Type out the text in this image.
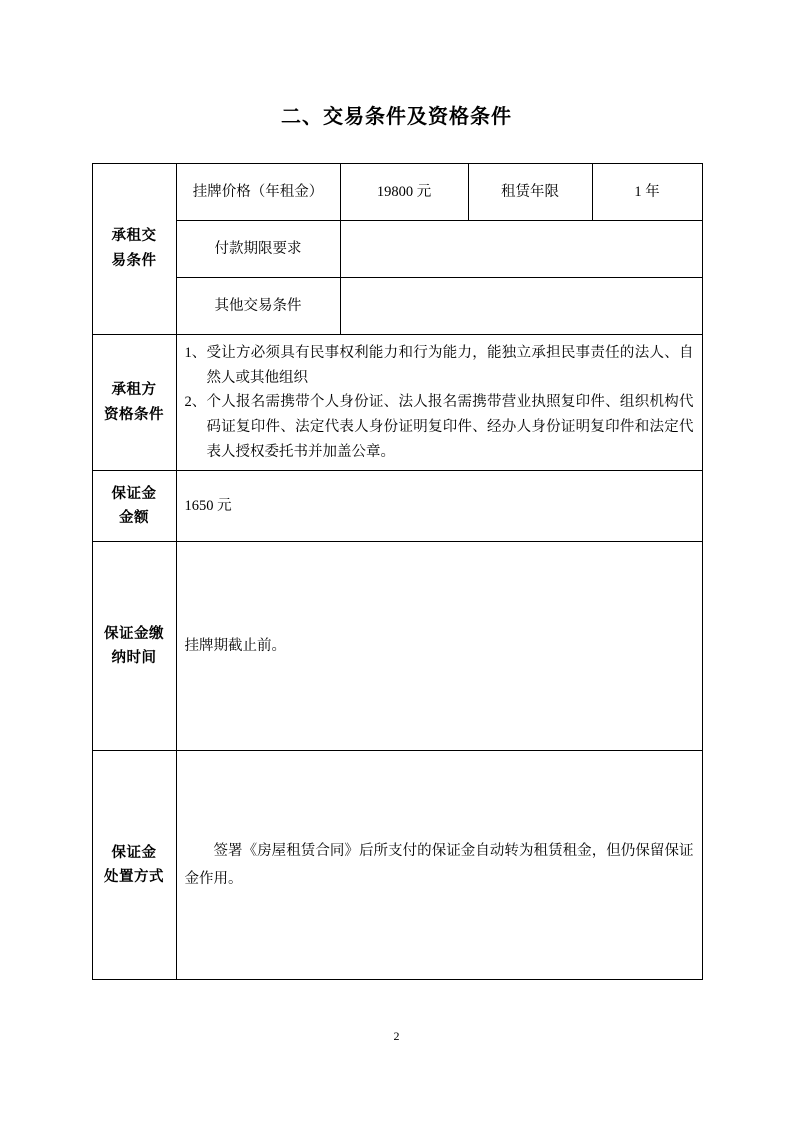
二、交易条件及资格条件
承租交
易条件	挂牌价格（年租金）	19800 元	租赁年限	1 年
	付款期限要求			
	其他交易条件			

承租方
资格条件	1、 受让方必须具有民事权利能力和行为能力，能独立承担民事责任的法人、自然人或其他组织
2、 个人报名需携带个人身份证、法人报名需携带营业执照复印件、组织机构代码证复印件、法定代表人身份证明复印件、经办人身份证明复印件和法定代表人授权委托书并加盖公章。			

保证金
金额	1650 元			

保证金缴
纳时间	挂牌期截止前。			

保证金
处置方式	签署《房屋租赁合同》后所支付的保证金自动转为租赁租金，但仍保留保证金作用。			
2
